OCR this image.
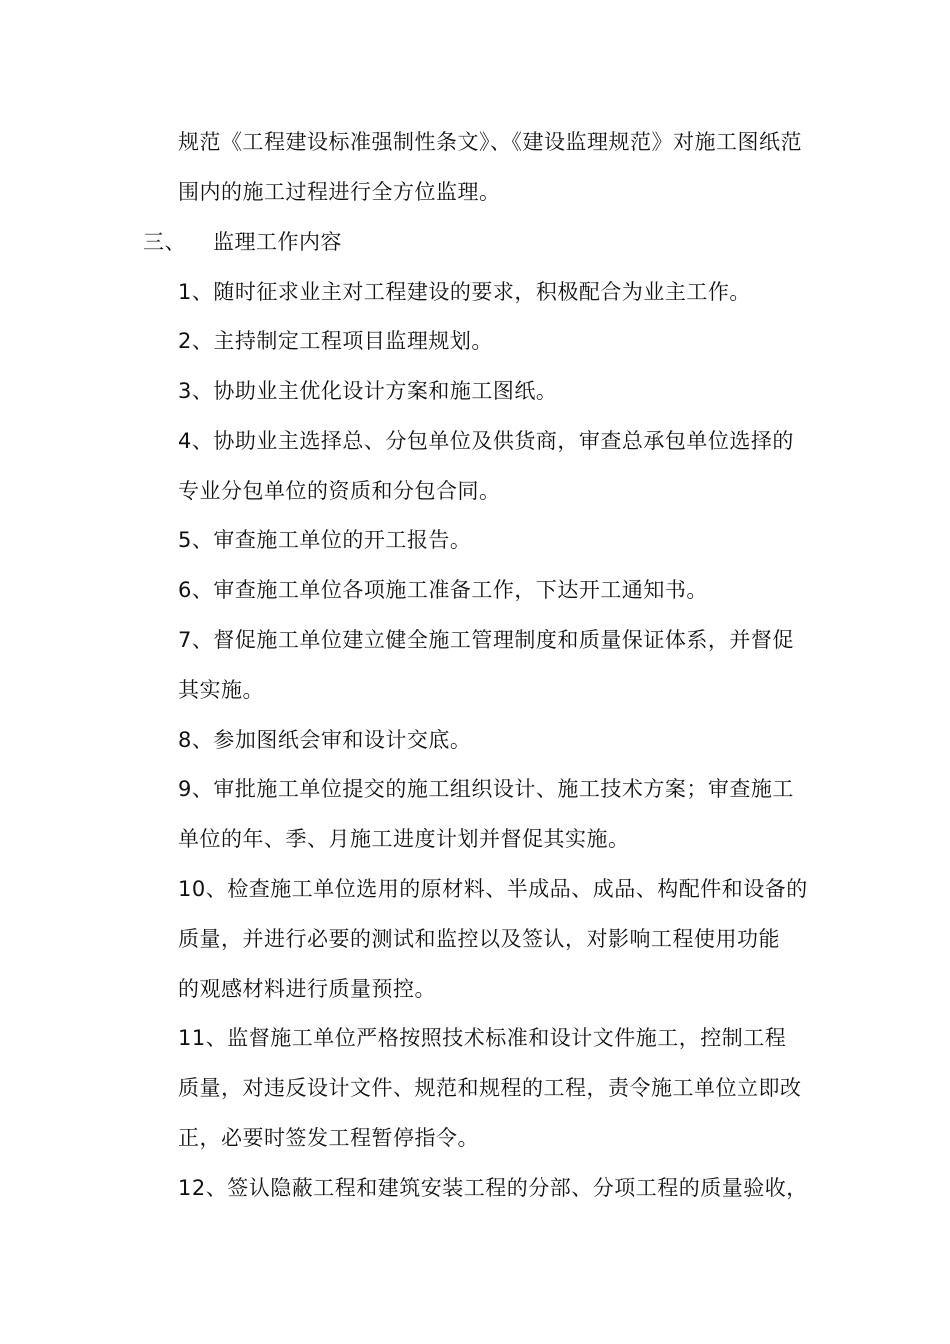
规范《工程建设标准强制性条文》、《建设监理规范》对施工图纸范
围内的施工过程进行全方位监理。
三、 监理工作内容
1、随时征求业主对工程建设的要求，积极配合为业主工作。
2、主持制定工程项目监理规划。
3、协助业主优化设计方案和施工图纸。
4、协助业主选择总、分包单位及供货商，审查总承包单位选择的
专业分包单位的资质和分包合同。
5、审查施工单位的开工报告。
6、审查施工单位各项施工准备工作，下达开工通知书。
7、督促施工单位建立健全施工管理制度和质量保证体系，并督促
其实施。
8、参加图纸会审和设计交底。
9、审批施工单位提交的施工组织设计、施工技术方案；审查施工
单位的年、季、月施工进度计划并督促其实施。
10、检查施工单位选用的原材料、半成品、成品、构配件和设备的
质量，并进行必要的测试和监控以及签认，对影响工程使用功能
的观感材料进行质量预控。
11、监督施工单位严格按照技术标准和设计文件施工，控制工程
质量，对违反设计文件、规范和规程的工程，责令施工单位立即改
正，必要时签发工程暂停指令。
12、签认隐蔽工程和建筑安装工程的分部、分项工程的质量验收，
